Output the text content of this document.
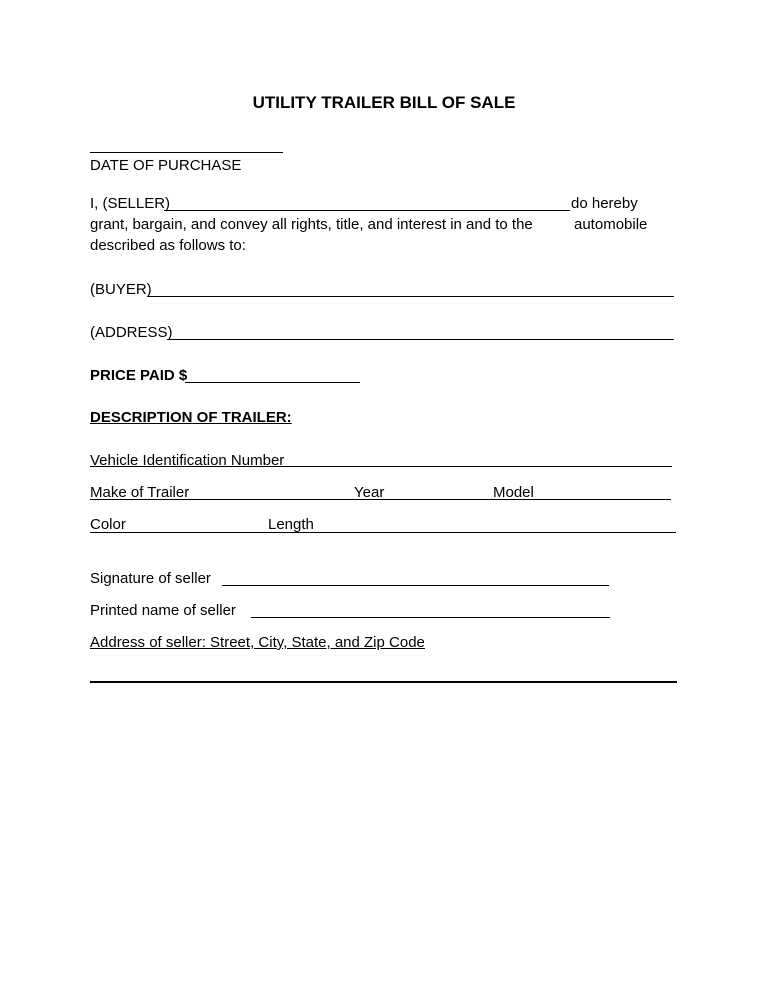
UTILITY TRAILER BILL OF SALE
DATE OF PURCHASE
I, (SELLER)	do hereby
grant, bargain, and convey all rights, title, and interest in and to the	automobile
described as follows to:
(BUYER)
(ADDRESS)
PRICE PAID $
DESCRIPTION OF TRAILER:
Vehicle Identification Number
Make of Trailer	Year	Model
Color	Length
Signature of seller
Printed name of seller
Address of seller: Street, City, State, and Zip Code
